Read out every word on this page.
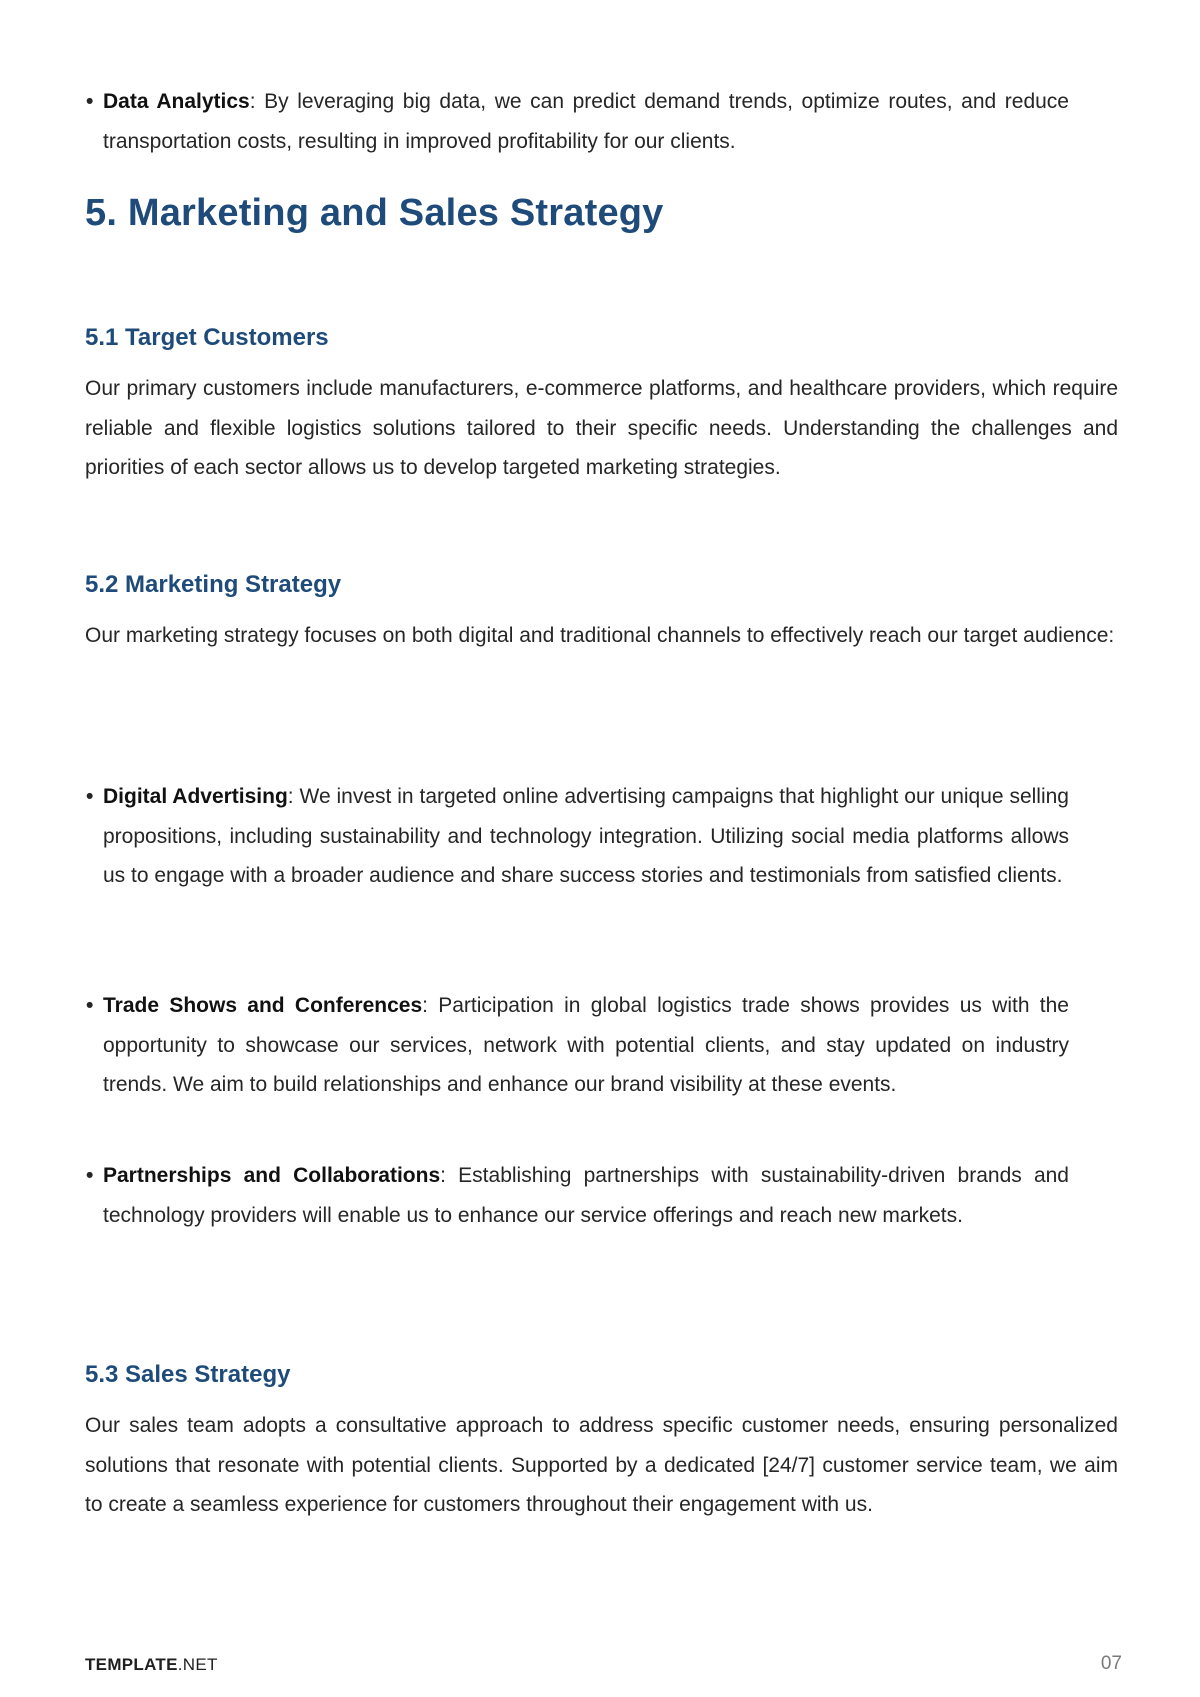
• Data Analytics: By leveraging big data, we can predict demand trends, optimize routes, and reduce transportation costs, resulting in improved profitability for our clients.
5. Marketing and Sales Strategy
5.1 Target Customers

Our primary customers include manufacturers, e-commerce platforms, and healthcare providers, which require reliable and flexible logistics solutions tailored to their specific needs. Understanding the challenges and priorities of each sector allows us to develop targeted marketing strategies.

5.2 Marketing Strategy

Our marketing strategy focuses on both digital and traditional channels to effectively reach our target audience:

• Digital Advertising: We invest in targeted online advertising campaigns that highlight our unique selling propositions, including sustainability and technology integration. Utilizing social media platforms allows us to engage with a broader audience and share success stories and testimonials from satisfied clients.
• Trade Shows and Conferences: Participation in global logistics trade shows provides us with the opportunity to showcase our services, network with potential clients, and stay updated on industry trends. We aim to build relationships and enhance our brand visibility at these events.
• Partnerships and Collaborations: Establishing partnerships with sustainability-driven brands and technology providers will enable us to enhance our service offerings and reach new markets.
5.3 Sales Strategy

Our sales team adopts a consultative approach to address specific customer needs, ensuring personalized solutions that resonate with potential clients. Supported by a dedicated [24/7] customer service team, we aim to create a seamless experience for customers throughout their engagement with us.

TEMPLATE.NET	07
